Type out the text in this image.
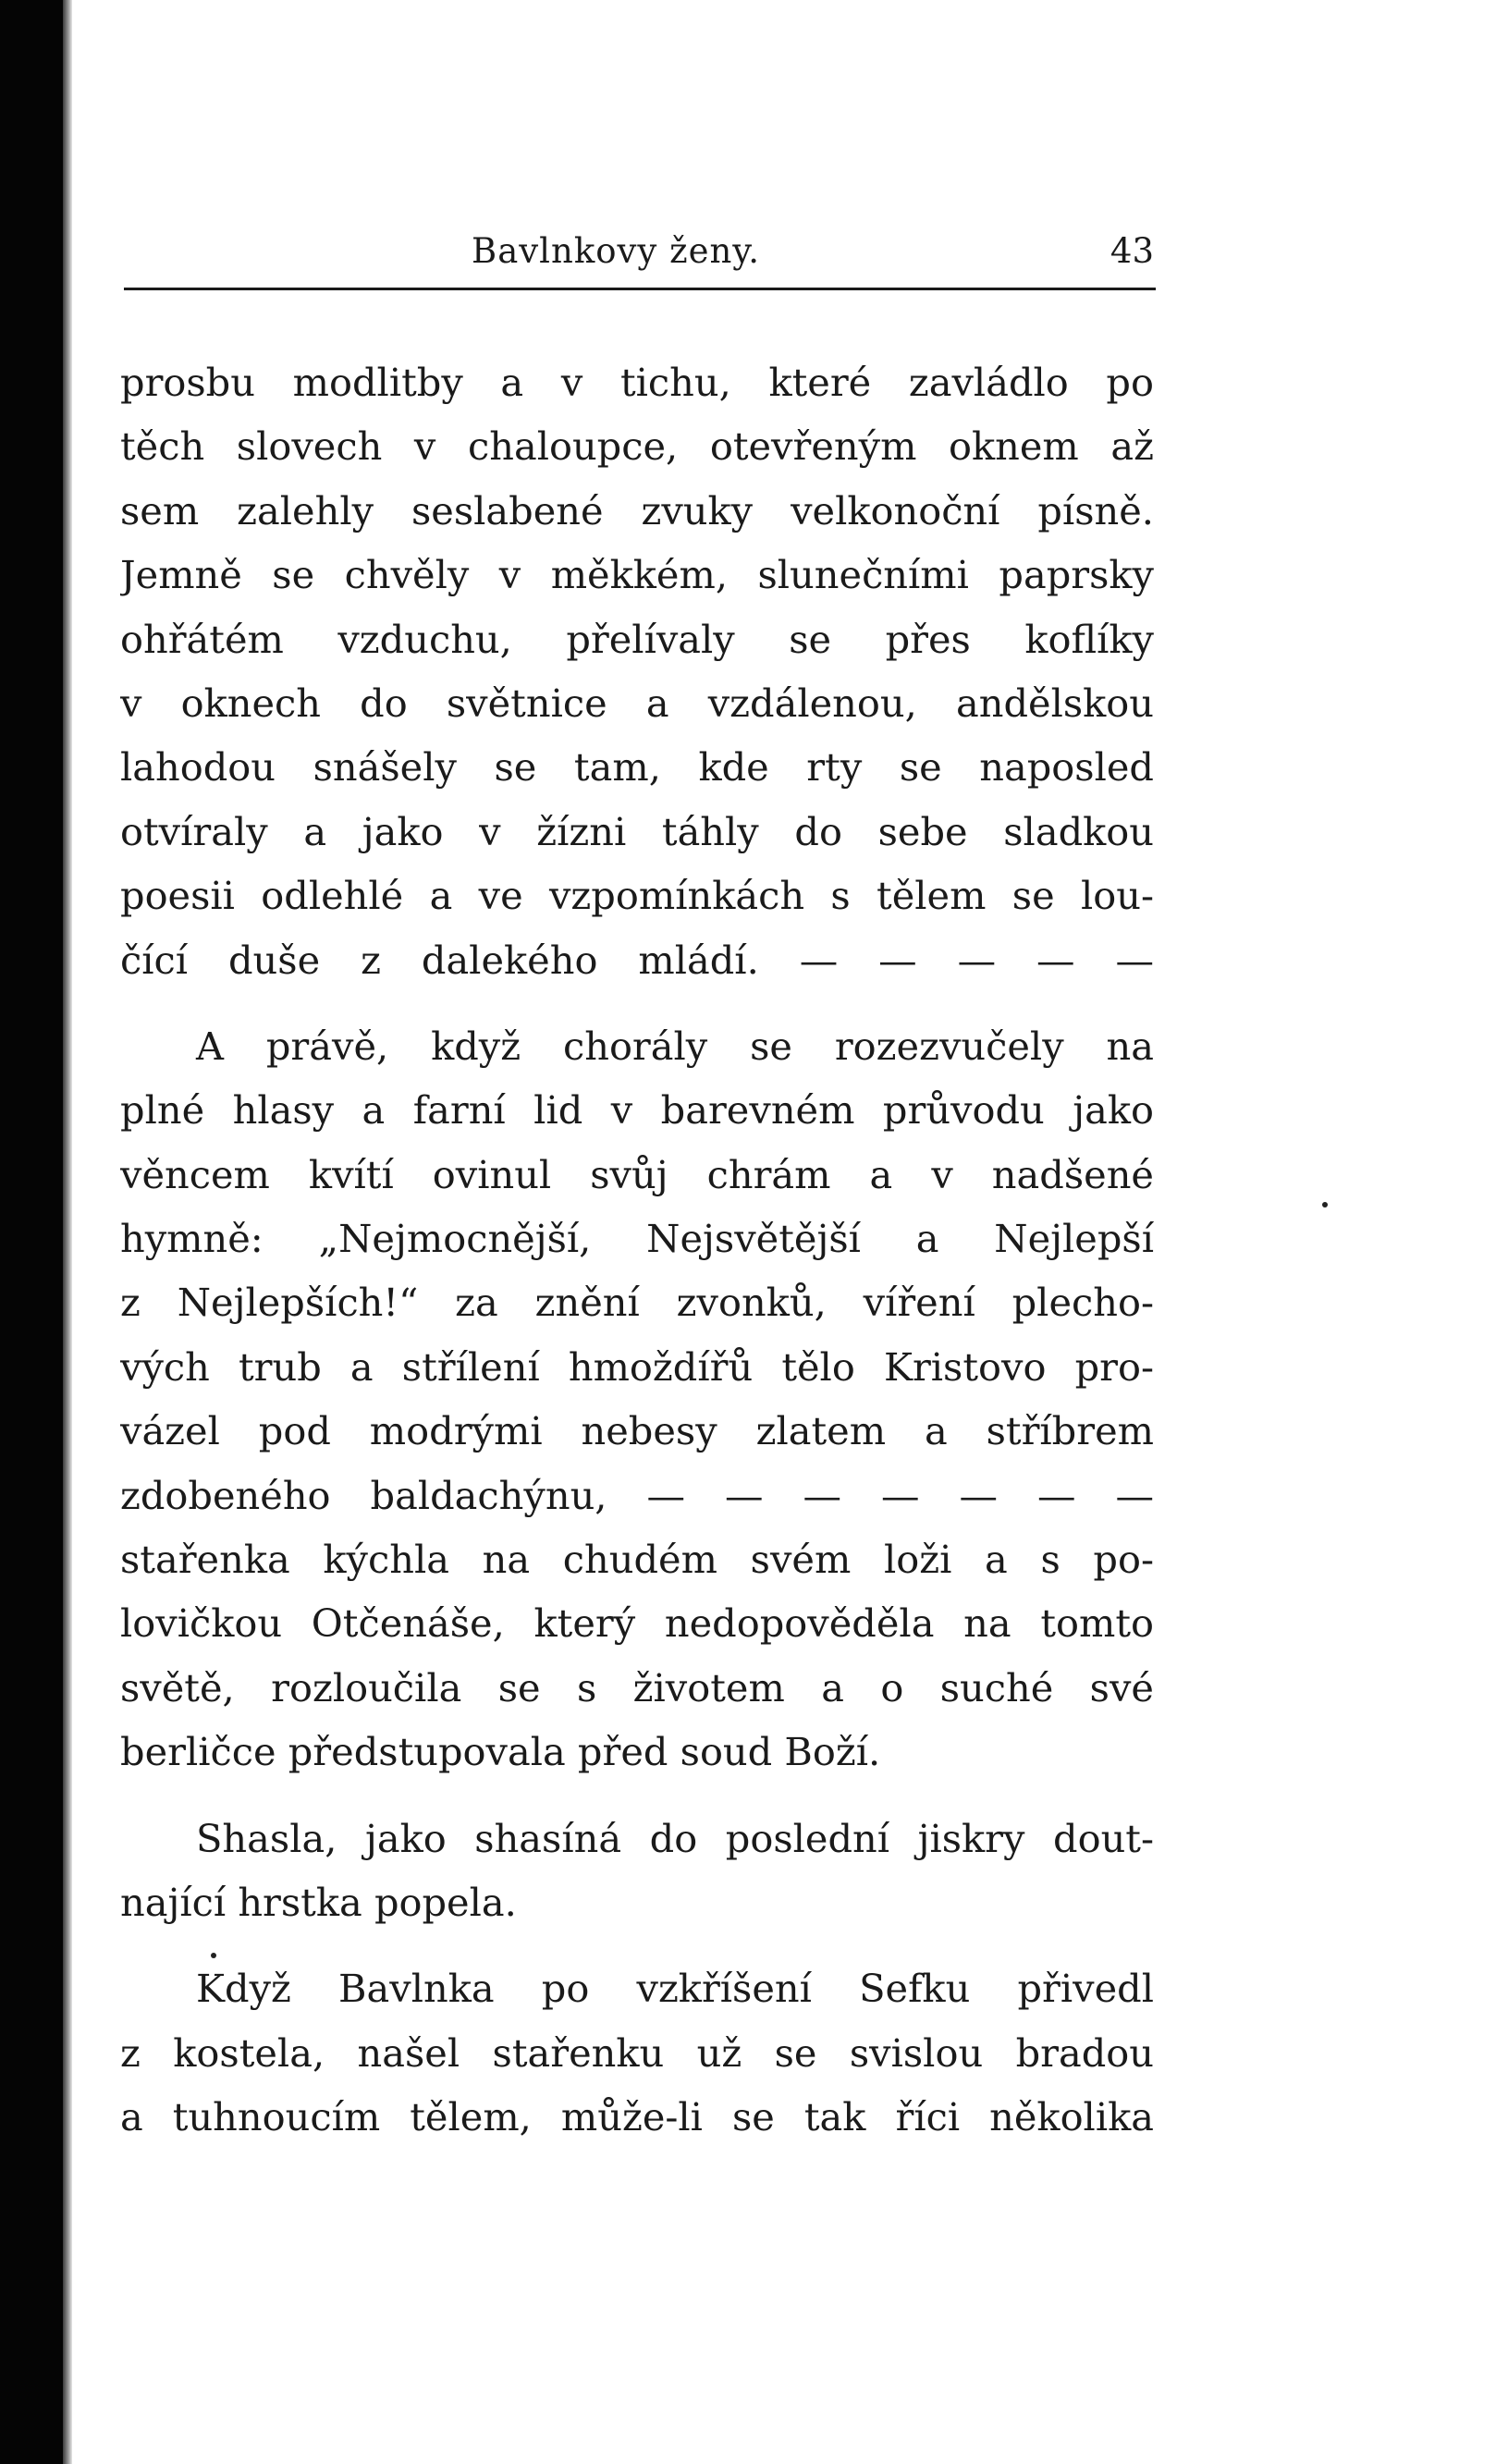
Bavlnkovy ženy.	43
prosbu modlitby a v tichu, které zavládlo po
těch slovech v chaloupce, otevřeným oknem až
sem zalehly seslabené zvuky velkonoční písně.
Jemně se chvěly v měkkém, slunečními paprsky
ohřátém vzduchu, přelívaly se přes koflíky
v oknech do světnice a vzdálenou, andělskou
lahodou snášely se tam, kde rty se naposled
otvíraly a jako v žízni táhly do sebe sladkou
poesii odlehlé a ve vzpomínkách s tělem se lou-
čící duše z dalekého mládí. — — — — —
A právě, když chorály se rozezvučely na
plné hlasy a farní lid v barevném průvodu jako
věncem kvítí ovinul svůj chrám a v nadšené
hymně: „Nejmocnější, Nejsvětější a Nejlepší
z Nejlepších!“ za znění zvonků, víření plecho-
vých trub a střílení hmoždířů tělo Kristovo pro-
vázel pod modrými nebesy zlatem a stříbrem
zdobeného baldachýnu, — — — — — — —
stařenka kýchla na chudém svém loži a s po-
lovičkou Otčenáše, který nedopověděla na tomto
světě, rozloučila se s životem a o suché své
berličce předstupovala před soud Boží.
Shasla, jako shasíná do poslední jiskry dout-
nající hrstka popela.
Když Bavlnka po vzkříšení Sefku přivedl
z kostela, našel stařenku už se svislou bradou
a tuhnoucím tělem, může-li se tak říci několika
